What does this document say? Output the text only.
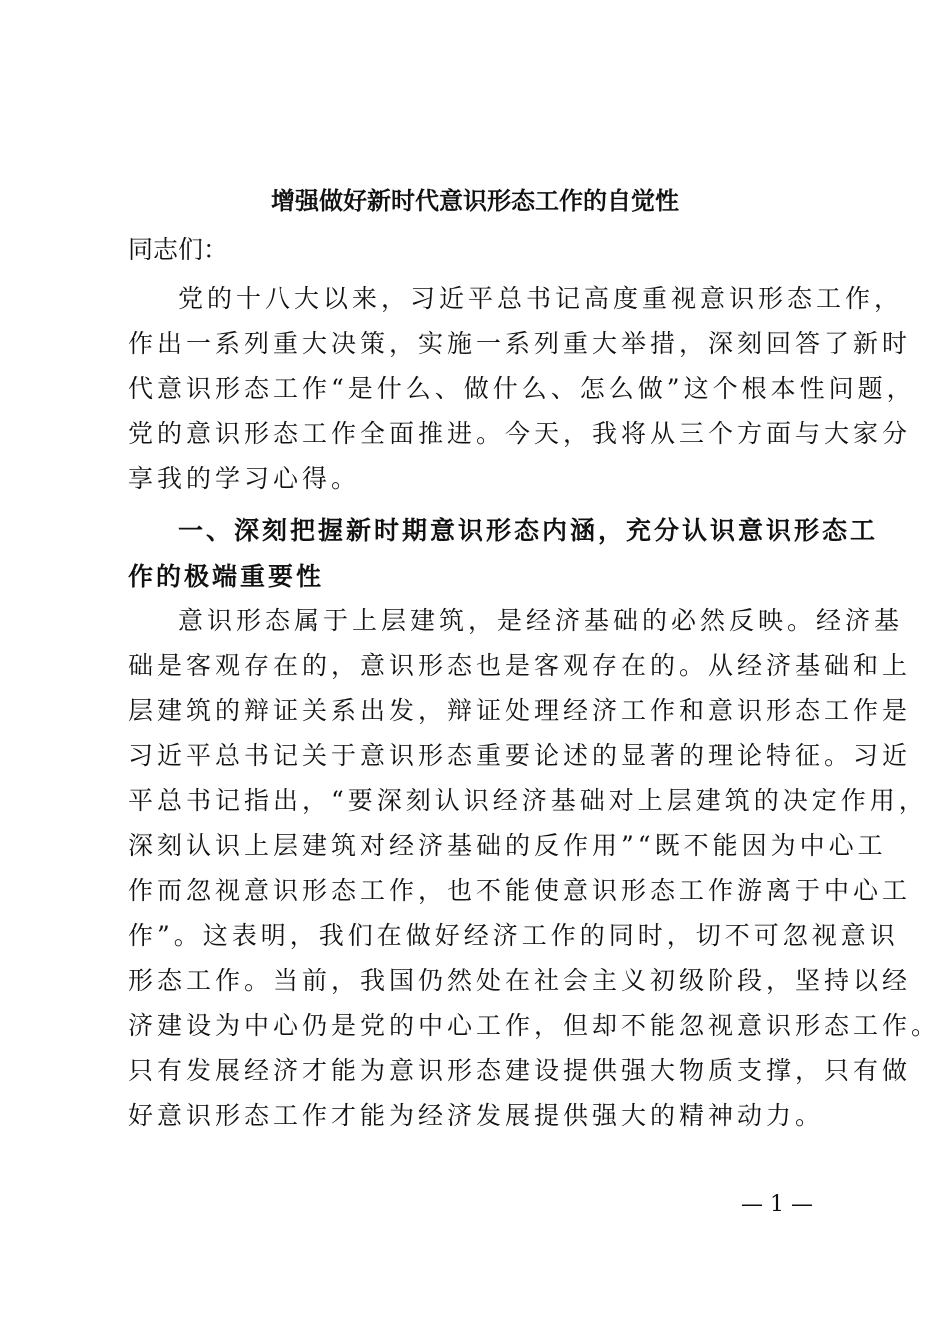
增强做好新时代意识形态工作的自觉性
同志们：
党的十八大以来，习近平总书记高度重视意识形态工作，
作出一系列重大决策，实施一系列重大举措，深刻回答了新时
代意识形态工作“是什么、做什么、怎么做”这个根本性问题，
党的意识形态工作全面推进。今天，我将从三个方面与大家分
享我的学习心得。
一、深刻把握新时期意识形态内涵，充分认识意识形态工
作的极端重要性
意识形态属于上层建筑，是经济基础的必然反映。经济基
础是客观存在的，意识形态也是客观存在的。从经济基础和上
层建筑的辩证关系出发，辩证处理经济工作和意识形态工作是
习近平总书记关于意识形态重要论述的显著的理论特征。习近
平总书记指出，“要深刻认识经济基础对上层建筑的决定作用，
深刻认识上层建筑对经济基础的反作用”“既不能因为中心工
作而忽视意识形态工作，也不能使意识形态工作游离于中心工
作”。这表明，我们在做好经济工作的同时，切不可忽视意识
形态工作。当前，我国仍然处在社会主义初级阶段，坚持以经
济建设为中心仍是党的中心工作，但却不能忽视意识形态工作。
只有发展经济才能为意识形态建设提供强大物质支撑，只有做
好意识形态工作才能为经济发展提供强大的精神动力。
— 1 —
